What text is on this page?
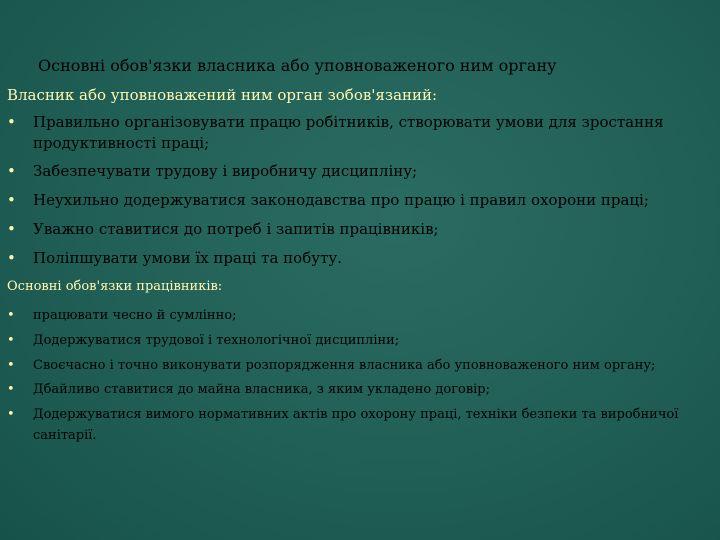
Основні обов'язки власника або уповноваженого ним органу
Власник або уповноважений ним орган зобов'язаний:
• Правильно організовувати працю робітників, створювати умови для зростання продуктивності праці;
• Забезпечувати трудову і виробничу дисципліну;
• Неухильно додержуватися законодавства про працю і правил охорони праці;
• Уважно ставитися до потреб і запитів працівників;
• Поліпшувати умови їх праці та побуту.
Основні обов'язки працівників:
• працювати чесно й сумлінно;
• Додержуватися трудової і технологічної дисципліни;
• Своєчасно і точно виконувати розпорядження власника або уповноваженого ним органу;
• Дбайливо ставитися до майна власника, з яким укладено договір;
• Додержуватися вимого нормативних актів про охорону праці, техніки безпеки та виробничої санітарії.
